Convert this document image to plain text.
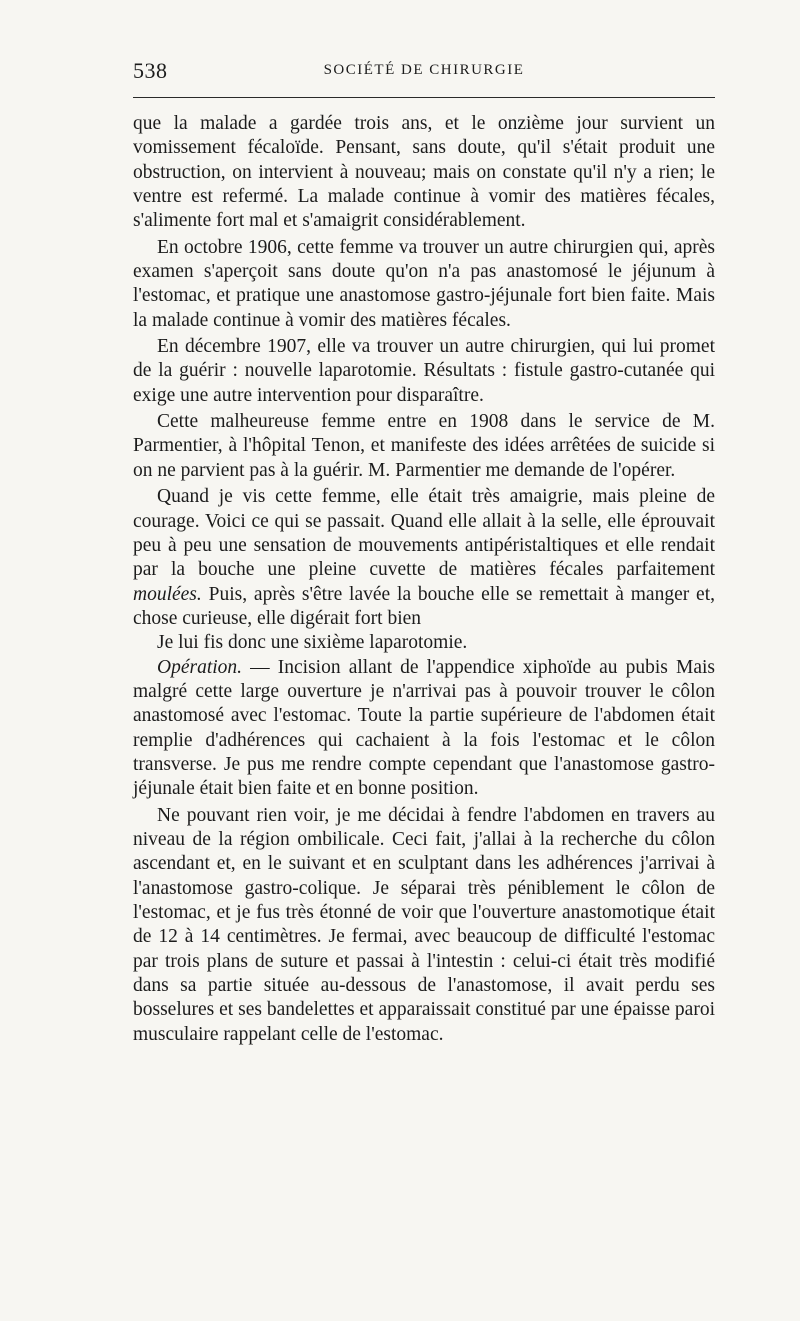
538	SOCIÉTÉ DE CHIRURGIE

que la malade a gardée trois ans, et le onzième jour survient un vomissement fécaloïde. Pensant, sans doute, qu'il s'était produit une obstruction, on intervient à nouveau; mais on constate qu'il n'y a rien; le ventre est refermé. La malade continue à vomir des matières fécales, s'alimente fort mal et s'amaigrit considérablement.

En octobre 1906, cette femme va trouver un autre chirurgien qui, après examen s'aperçoit sans doute qu'on n'a pas anastomosé le jéjunum à l'estomac, et pratique une anastomose gastro-jéjunale fort bien faite. Mais la malade continue à vomir des matières fécales.

En décembre 1907, elle va trouver un autre chirurgien, qui lui promet de la guérir : nouvelle laparotomie. Résultats : fistule gastro-cutanée qui exige une autre intervention pour disparaître.

Cette malheureuse femme entre en 1908 dans le service de M. Parmentier, à l'hôpital Tenon, et manifeste des idées arrêtées de suicide si on ne parvient pas à la guérir. M. Parmentier me demande de l'opérer.

Quand je vis cette femme, elle était très amaigrie, mais pleine de courage. Voici ce qui se passait. Quand elle allait à la selle, elle éprouvait peu à peu une sensation de mouvements antipéristaltiques et elle rendait par la bouche une pleine cuvette de matières fécales parfaitement moulées. Puis, après s'être lavée la bouche elle se remettait à manger et, chose curieuse, elle digérait fort bien

Je lui fis donc une sixième laparotomie.

Opération. — Incision allant de l'appendice xiphoïde au pubis Mais malgré cette large ouverture je n'arrivai pas à pouvoir trouver le côlon anastomosé avec l'estomac. Toute la partie supérieure de l'abdomen était remplie d'adhérences qui cachaient à la fois l'estomac et le côlon transverse. Je pus me rendre compte cependant que l'anastomose gastro-jéjunale était bien faite et en bonne position.

Ne pouvant rien voir, je me décidai à fendre l'abdomen en travers au niveau de la région ombilicale. Ceci fait, j'allai à la recherche du côlon ascendant et, en le suivant et en sculptant dans les adhérences j'arrivai à l'anastomose gastro-colique. Je séparai très péniblement le côlon de l'estomac, et je fus très étonné de voir que l'ouverture anastomotique était de 12 à 14 centimètres. Je fermai, avec beaucoup de difficulté l'estomac par trois plans de suture et passai à l'intestin : celui-ci était très modifié dans sa partie située au-dessous de l'anastomose, il avait perdu ses bosselures et ses bandelettes et apparaissait constitué par une épaisse paroi musculaire rappelant celle de l'estomac.
